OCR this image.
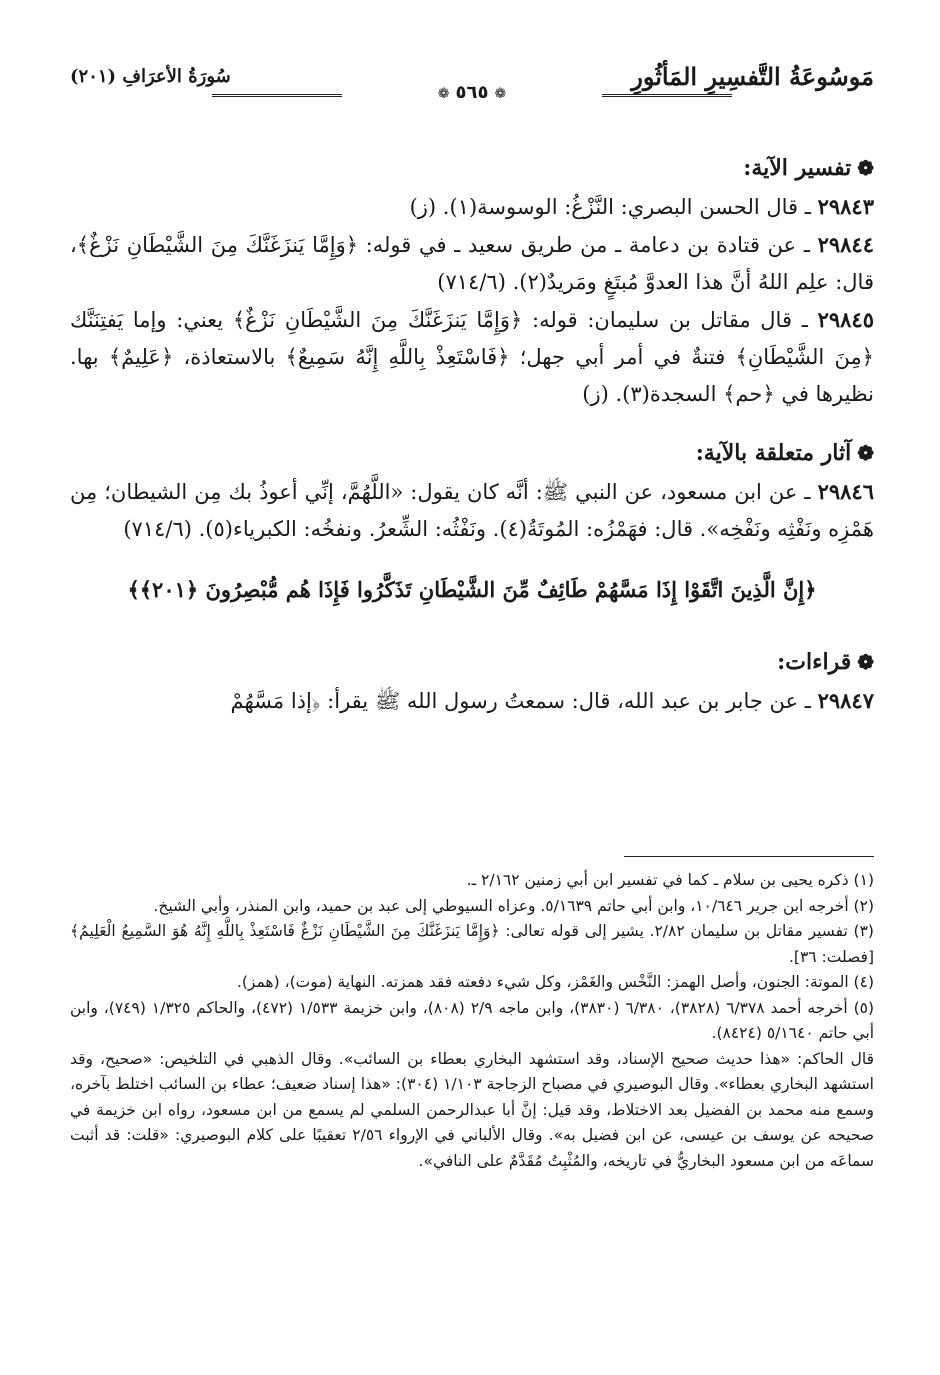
مَوسُوعَةُ التَّفسِيرِ المَأثُورِ
❁٥٦٥❁
سُورَةُ الأعرَافِ (٢٠١)

❁تفسير الآية:

٢٩٨٤٣ ـ قال الحسن البصري: النَّزْغُ: الوسوسة(١). (ز)

٢٩٨٤٤ ـ عن قتادة بن دعامة ـ من طريق سعيد ـ في قوله: ﴿وَإِمَّا يَنزَغَنَّكَ مِنَ الشَّيْطَانِ نَزْغٌ﴾، قال: علِم اللهُ أنَّ هذا العدوَّ مُبتَغٍ ومَريدٌ(٢). (٧١٤/٦)

٢٩٨٤٥ ـ قال مقاتل بن سليمان: قوله: ﴿وَإِمَّا يَنزَغَنَّكَ مِنَ الشَّيْطَانِ نَزْغٌ﴾ يعني: وإما يَفتِنَنَّك ﴿مِنَ الشَّيْطَانِ﴾ فتنةٌ في أمر أبي جهل؛ ﴿فَاسْتَعِذْ بِاللَّهِ إِنَّهُ سَمِيعٌ﴾ بالاستعاذة، ﴿عَلِيمٌ﴾ بها. نظيرها في ﴿حم﴾ السجدة(٣). (ز)

❁آثار متعلقة بالآية:

٢٩٨٤٦ ـ عن ابن مسعود، عن النبي ﷺ: أنَّه كان يقول: «اللَّهُمَّ، إنِّي أعوذُ بك مِن الشيطان؛ مِن هَمْزِه ونَفْثِه ونَفْخِه». قال: فهَمْزُه: المُوتَةُ(٤). ونَفْثُه: الشِّعرُ. ونفخُه: الكبرياء(٥). (٧١٤/٦)

﴿إِنَّ الَّذِينَ اتَّقَوْا إِذَا مَسَّهُمْ طَائِفٌ مِّنَ الشَّيْطَانِ تَذَكَّرُوا فَإِذَا هُم مُّبْصِرُونَ ﴿٢٠١﴾﴾

❁قراءات:

٢٩٨٤٧ ـ عن جابر بن عبد الله، قال: سمعتُ رسول الله ﷺ يقرأ: ﴿إذا مَسَّهُمْ

(١) ذكره يحيى بن سلام ـ كما في تفسير ابن أبي زمنين ٢/١٦٢ ـ.

(٢) أخرجه ابن جرير ١٠/٦٤٦، وابن أبي حاتم ٥/١٦٣٩. وعزاه السيوطي إلى عبد بن حميد، وابن المنذر، وأبي الشيخ.

(٣) تفسير مقاتل بن سليمان ٢/٨٢. يشير إلى قوله تعالى: ﴿وَإِمَّا يَنزَغَنَّكَ مِنَ الشَّيْطَانِ نَزْغٌ فَاسْتَعِذْ بِاللَّهِ إِنَّهُ هُوَ السَّمِيعُ الْعَلِيمُ﴾ [فصلت: ٣٦].

(٤) الموتة: الجنون، وأصل الهمز: النَّخْس والغَمْز، وكل شيء دفعته فقد همزته. النهاية (موت)، (همز).

(٥) أخرجه أحمد ٦/٣٧٨ (٣٨٢٨)، ٦/٣٨٠ (٣٨٣٠)، وابن ماجه ٢/٩ (٨٠٨)، وابن خزيمة ١/٥٣٣ (٤٧٢)، والحاكم ١/٣٢٥ (٧٤٩)، وابن أبي حاتم ٥/١٦٤٠ (٨٤٢٤).

قال الحاكم: «هذا حديث صحيح الإسناد، وقد استشهد البخاري بعطاء بن السائب». وقال الذهبي في التلخيص: «صحيح، وقد استشهد البخاري بعطاء». وقال البوصيري في مصباح الزجاجة ١/١٠٣ (٣٠٤): «هذا إسناد ضعيف؛ عطاء بن السائب اختلط بآخره، وسمع منه محمد بن الفضيل بعد الاختلاط، وقد قيل: إنَّ أبا عبدالرحمن السلمي لم يسمع من ابن مسعود، رواه ابن خزيمة في صحيحه عن يوسف بن عيسى، عن ابن فضيل به». وقال الألباني في الإرواء ٢/٥٦ تعقيبًا على كلام البوصيري: «قلت: قد أثبت سماعَه من ابن مسعود البخاريُّ في تاريخه، والمُثْبِتُ مُقَدَّمٌ على النافي».
